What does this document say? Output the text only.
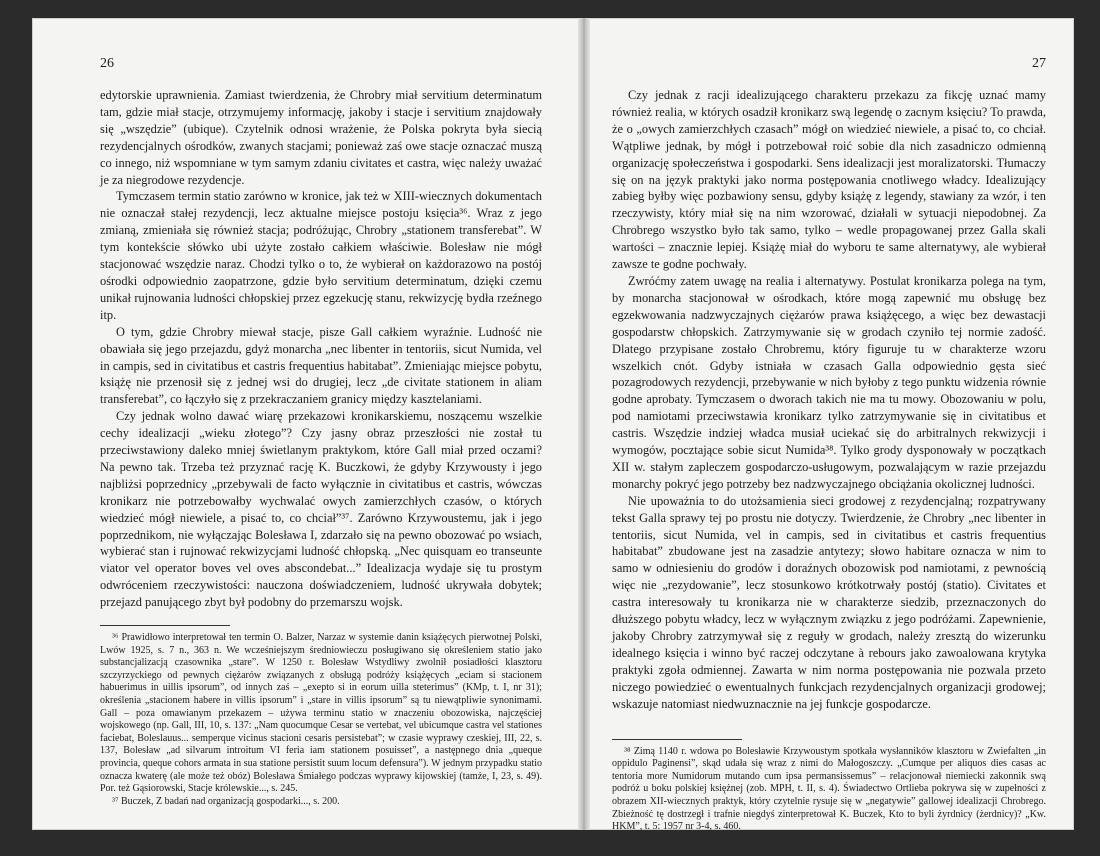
26

edytorskie uprawnienia. Zamiast twierdzenia, że Chrobry miał servitium determinatum tam, gdzie miał stacje, otrzymujemy informację, jakoby i stacje i servitium znajdowały się „wszędzie” (ubique). Czytelnik odnosi wrażenie, że Polska pokryta była siecią rezydencjalnych ośrodków, zwanych stacjami; ponieważ zaś owe stacje oznaczać muszą co innego, niż wspomniane w tym samym zdaniu civitates et castra, więc należy uważać je za niegrodowe rezydencje.

Tymczasem termin statio zarówno w kronice, jak też w XIII-wiecznych dokumentach nie oznaczał stałej rezydencji, lecz aktualne miejsce postoju księcia³⁶. Wraz z jego zmianą, zmieniała się również stacja; podróżując, Chrobry „stationem transferebat”. W tym kontekście słówko ubi użyte zostało całkiem właściwie. Bolesław nie mógł stacjonować wszędzie naraz. Chodzi tylko o to, że wybierał on każdorazowo na postój ośrodki odpowiednio zaopatrzone, gdzie było servitium determinatum, dzięki czemu unikał rujnowania ludności chłopskiej przez egzekucję stanu, rekwizycję bydła rzeźnego itp.

O tym, gdzie Chrobry miewał stacje, pisze Gall całkiem wyraźnie. Ludność nie obawiała się jego przejazdu, gdyż monarcha „nec libenter in tentoriis, sicut Numida, vel in campis, sed in civitatibus et castris frequentius habitabat”. Zmieniając miejsce pobytu, książę nie przenosił się z jednej wsi do drugiej, lecz „de civitate stationem in aliam transferebat”, co łączyło się z przekraczaniem granicy między kasztelaniami.

Czy jednak wolno dawać wiarę przekazowi kronikarskiemu, noszącemu wszelkie cechy idealizacji „wieku złotego”? Czy jasny obraz przeszłości nie został tu przeciwstawiony daleko mniej świetlanym praktykom, które Gall miał przed oczami? Na pewno tak. Trzeba też przyznać rację K. Buczkowi, że gdyby Krzywousty i jego najbliżsi poprzednicy „przebywali de facto wyłącznie in civitatibus et castris, wówczas kronikarz nie potrzebowałby wychwalać owych zamierzchłych czasów, o których wiedzieć mógł niewiele, a pisać to, co chciał”³⁷. Zarówno Krzywoustemu, jak i jego poprzednikom, nie wyłączając Bolesława I, zdarzało się na pewno obozować po wsiach, wybierać stan i rujnować rekwizycjami ludność chłopską. „Nec quisquam eo transeunte viator vel operator boves vel oves abscondebat...” Idealizacja wydaje się tu prostym odwróceniem rzeczywistości: nauczona doświadczeniem, ludność ukrywała dobytek; przejazd panującego zbyt był podobny do przemarszu wojsk.

³⁶ Prawidłowo interpretował ten termin O. Balzer, Narzaz w systemie danin książęcych pierwotnej Polski, Lwów 1925, s. 7 n., 363 n. We wcześniejszym średniowieczu posługiwano się określeniem statio jako substancjalizacją czasownika „stare”. W 1250 r. Bolesław Wstydliwy zwolnił posiadłości klasztoru szczyrzyckiego od pewnych ciężarów związanych z obsługą podróży książęcych „eciam si stacionem habuerimus in uillis ipsorum”, od innych zaś – „exepto si in eorum uilla steterimus” (KMp, t. I, nr 31); określenia „stacionem habere in villis ipsorum” i „stare in villis ipsorum” są tu niewątpliwie synonimami. Gall – poza omawianym przekazem – używa terminu statio w znaczeniu obozowiska, najczęściej wojskowego (np. Gall, III, 10, s. 137: „Nam quocumque Cesar se vertebat, vel ubicumque castra vel stationes faciebat, Boleslauus... semperque vicinus stacioni cesaris persistebat”; w czasie wyprawy czeskiej, III, 22, s. 137, Bolesław „ad silvarum introitum VI feria iam stationem posuisset”, a następnego dnia „queque provincia, queque cohors armata in sua statione persistit suum locum defensura”). W jednym przypadku statio oznacza kwaterę (ale może też obóz) Bolesława Śmiałego podczas wyprawy kijowskiej (tamże, I, 23, s. 49). Por. też Gąsiorowski, Stacje królewskie..., s. 245.

³⁷ Buczek, Z badań nad organizacją gospodarki..., s. 200.

27

Czy jednak z racji idealizującego charakteru przekazu za fikcję uznać mamy również realia, w których osadził kronikarz swą legendę o zacnym księciu? To prawda, że o „owych zamierzchłych czasach” mógł on wiedzieć niewiele, a pisać to, co chciał. Wątpliwe jednak, by mógł i potrzebował roić sobie dla nich zasadniczo odmienną organizację społeczeństwa i gospodarki. Sens idealizacji jest moralizatorski. Tłumaczy się on na język praktyki jako norma postępowania cnotliwego władcy. Idealizujący zabieg byłby więc pozbawiony sensu, gdyby książę z legendy, stawiany za wzór, i ten rzeczywisty, który miał się na nim wzorować, działali w sytuacji niepodobnej. Za Chrobrego wszystko było tak samo, tylko – wedle propagowanej przez Galla skali wartości – znacznie lepiej. Książę miał do wyboru te same alternatywy, ale wybierał zawsze te godne pochwały.

Zwróćmy zatem uwagę na realia i alternatywy. Postulat kronikarza polega na tym, by monarcha stacjonował w ośrodkach, które mogą zapewnić mu obsługę bez egzekwowania nadzwyczajnych ciężarów prawa książęcego, a więc bez dewastacji gospodarstw chłopskich. Zatrzymywanie się w grodach czyniło tej normie zadość. Dlatego przypisane zostało Chrobremu, który figuruje tu w charakterze wzoru wszelkich cnót. Gdyby istniała w czasach Galla odpowiednio gęsta sieć pozagrodowych rezydencji, przebywanie w nich byłoby z tego punktu widzenia równie godne aprobaty. Tymczasem o dworach takich nie ma tu mowy. Obozowaniu w polu, pod namiotami przeciwstawia kronikarz tylko zatrzymywanie się in civitatibus et castris. Wszędzie indziej władca musiał uciekać się do arbitralnych rekwizycji i wymogów, pocztające sobie sicut Numida³⁸. Tylko grody dysponowały w początkach XII w. stałym zapleczem gospodarczo-usługowym, pozwalającym w razie przejazdu monarchy pokryć jego potrzeby bez nadzwyczajnego obciążania okolicznej ludności.

Nie upoważnia to do utożsamienia sieci grodowej z rezydencjalną; rozpatrywany tekst Galla sprawy tej po prostu nie dotyczy. Twierdzenie, że Chrobry „nec libenter in tentoriis, sicut Numida, vel in campis, sed in civitatibus et castris frequentius habitabat” zbudowane jest na zasadzie antytezy; słowo habitare oznacza w nim to samo w odniesieniu do grodów i doraźnych obozowisk pod namiotami, z pewnością więc nie „rezydowanie”, lecz stosunkowo krótkotrwały postój (statio). Civitates et castra interesowały tu kronikarza nie w charakterze siedzib, przeznaczonych do dłuższego pobytu władcy, lecz w wyłącznym związku z jego podróżami. Zapewnienie, jakoby Chrobry zatrzymywał się z reguły w grodach, należy zresztą do wizerunku idealnego księcia i winno być raczej odczytane à rebours jako zawoalowana krytyka praktyki zgoła odmiennej. Zawarta w nim norma postępowania nie pozwala przeto niczego powiedzieć o ewentualnych funkcjach rezydencjalnych organizacji grodowej; wskazuje natomiast niedwuznacznie na jej funkcje gospodarcze.

³⁸ Zimą 1140 r. wdowa po Bolesławie Krzywoustym spotkała wysłanników klasztoru w Zwiefalten „in oppidulo Paginensi”, skąd udała się wraz z nimi do Małogoszczy. „Cumque per aliquos dies casas ac tentoria more Numidorum mutando cum ipsa permansissemus” – relacjonował niemiecki zakonnik swą podróż u boku polskiej księżnej (zob. MPH, t. II, s. 4). Świadectwo Ortlieba pokrywa się w zupełności z obrazem XII-wiecznych praktyk, który czytelnie rysuje się w „negatywie” gallowej idealizacji Chrobrego. Zbieżność tę dostrzegł i trafnie niegdyś zinterpretował K. Buczek, Kto to byli żyrdnicy (żerdnicy)? „Kw. HKM”, t. 5: 1957 nr 3-4, s. 460.
